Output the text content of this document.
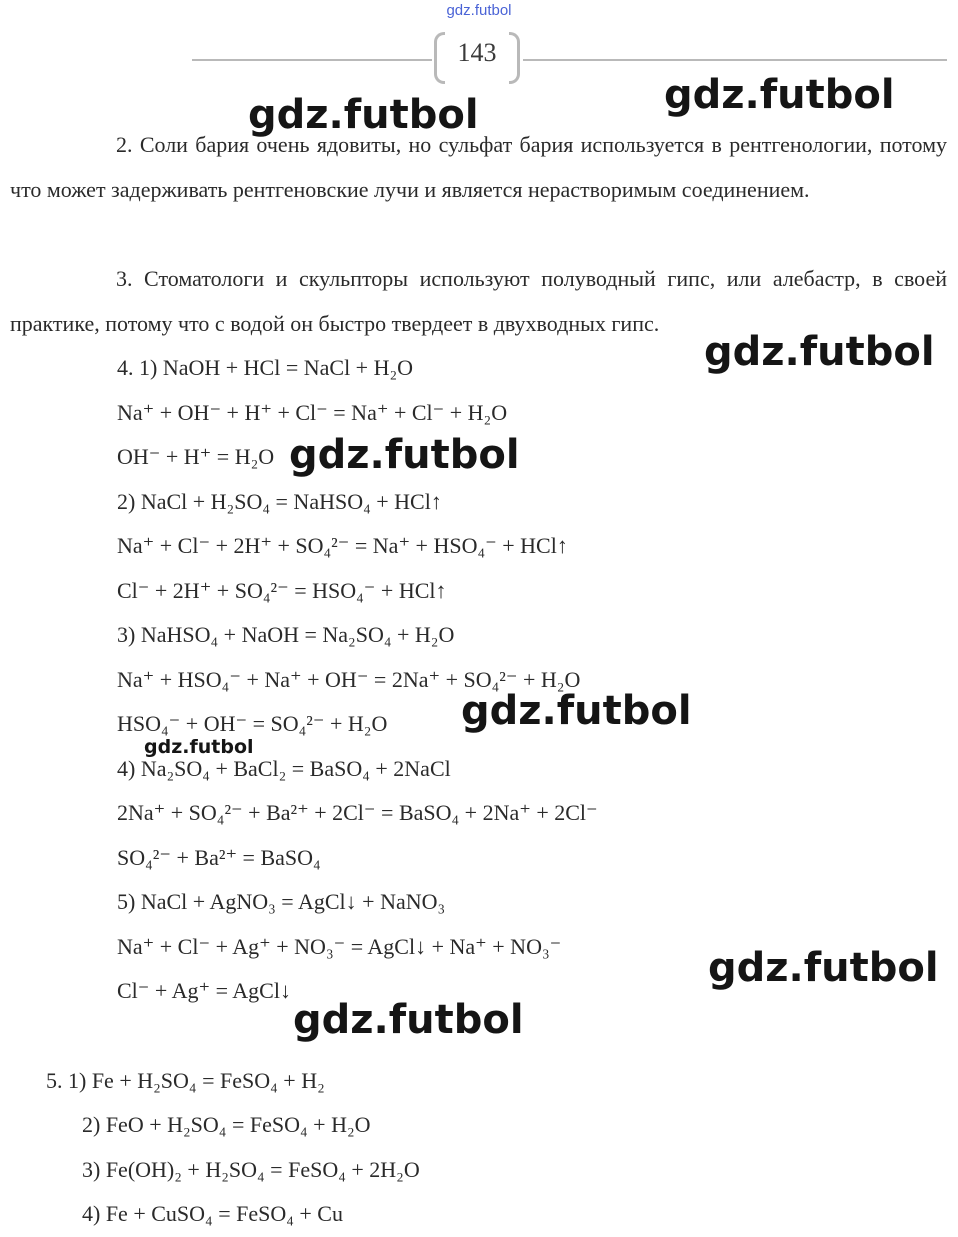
gdz.futbol
143

2. Соли бария очень ядовиты, но сульфат бария используется в рентгенологии, потому что может задерживать рентгеновские лучи и является нерастворимым соединением.

3. Стоматологи и скульпторы используют полуводный гипс, или алебастр, в своей практике, потому что с водой он быстро твердеет в двухводных гипс.

4. 1) NaOH + HCl = NaCl + H₂O
Na⁺ + OH⁻ + H⁺ + Cl⁻ = Na⁺ + Cl⁻ + H₂O
OH⁻ + H⁺ = H₂O
2) NaCl + H₂SO₄ = NaHSO₄ + HCl↑
Na⁺ + Cl⁻ + 2H⁺ + SO₄²⁻ = Na⁺ + HSO₄⁻ + HCl↑
Cl⁻ + 2H⁺ + SO₄²⁻ = HSO₄⁻ + HCl↑
3) NaHSO₄ + NaOH = Na₂SO₄ + H₂O
Na⁺ + HSO₄⁻ + Na⁺ + OH⁻ = 2Na⁺ + SO₄²⁻ + H₂O
HSO₄⁻ + OH⁻ = SO₄²⁻ + H₂O
4) Na₂SO₄ + BaCl₂ = BaSO₄ + 2NaCl
2Na⁺ + SO₄²⁻ + Ba²⁺ + 2Cl⁻ = BaSO₄ + 2Na⁺ + 2Cl⁻
SO₄²⁻ + Ba²⁺ = BaSO₄
5) NaCl + AgNO₃ = AgCl↓ + NaNO₃
Na⁺ + Cl⁻ + Ag⁺ + NO₃⁻ = AgCl↓ + Na⁺ + NO₃⁻
Cl⁻ + Ag⁺ = AgCl↓
5. 1) Fe + H₂SO₄ = FeSO₄ + H₂
2) FeO + H₂SO₄ = FeSO₄ + H₂O
3) Fe(OH)₂ + H₂SO₄ = FeSO₄ + 2H₂O
4) Fe + CuSO₄ = FeSO₄ + Cu
gdz.futbol	gdz.futbol
gdz.futbol
gdz.futbol
gdz.futbol
gdz.futbol
gdz.futbol
gdz.futbol
